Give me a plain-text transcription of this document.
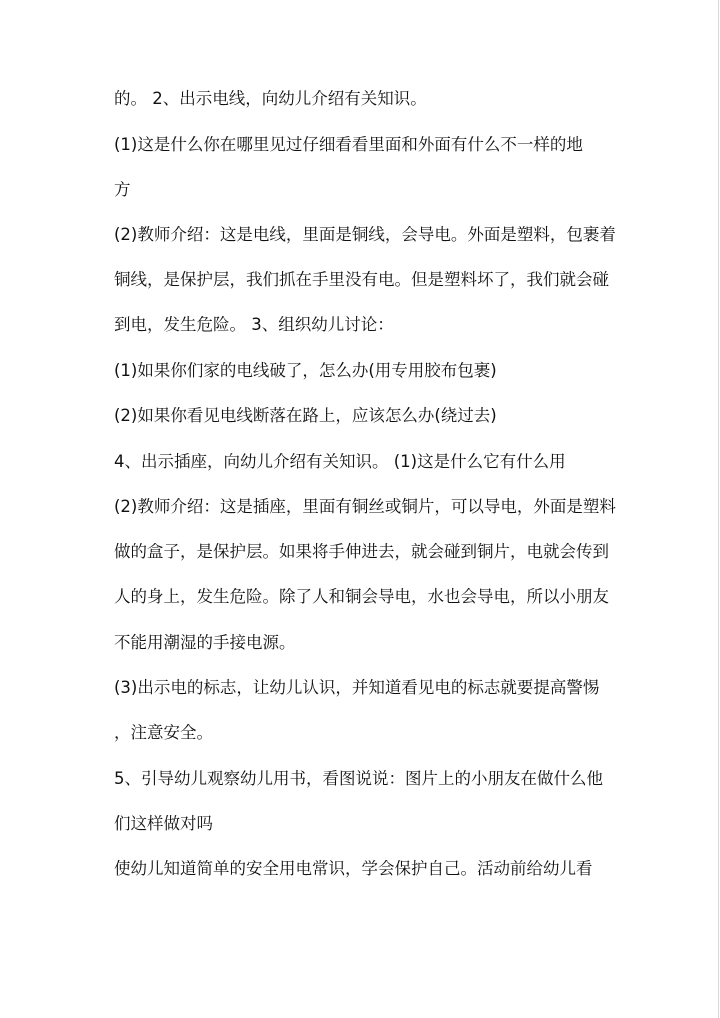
的。 2、出示电线，向幼儿介绍有关知识。

(1)这是什么你在哪里见过仔细看看里面和外面有什么不一样的地

方

(2)教师介绍：这是电线，里面是铜线，会导电。外面是塑料，包裹着

铜线，是保护层，我们抓在手里没有电。但是塑料坏了，我们就会碰

到电，发生危险。 3、组织幼儿讨论：

(1)如果你们家的电线破了，怎么办(用专用胶布包裹)

(2)如果你看见电线断落在路上，应该怎么办(绕过去)

4、出示插座，向幼儿介绍有关知识。 (1)这是什么它有什么用

(2)教师介绍：这是插座，里面有铜丝或铜片，可以导电，外面是塑料

做的盒子，是保护层。如果将手伸进去，就会碰到铜片，电就会传到

人的身上，发生危险。除了人和铜会导电，水也会导电，所以小朋友

不能用潮湿的手接电源。

(3)出示电的标志，让幼儿认识，并知道看见电的标志就要提高警惕

，注意安全。

5、引导幼儿观察幼儿用书，看图说说：图片上的小朋友在做什么他

们这样做对吗

使幼儿知道简单的安全用电常识，学会保护自己。活动前给幼儿看
